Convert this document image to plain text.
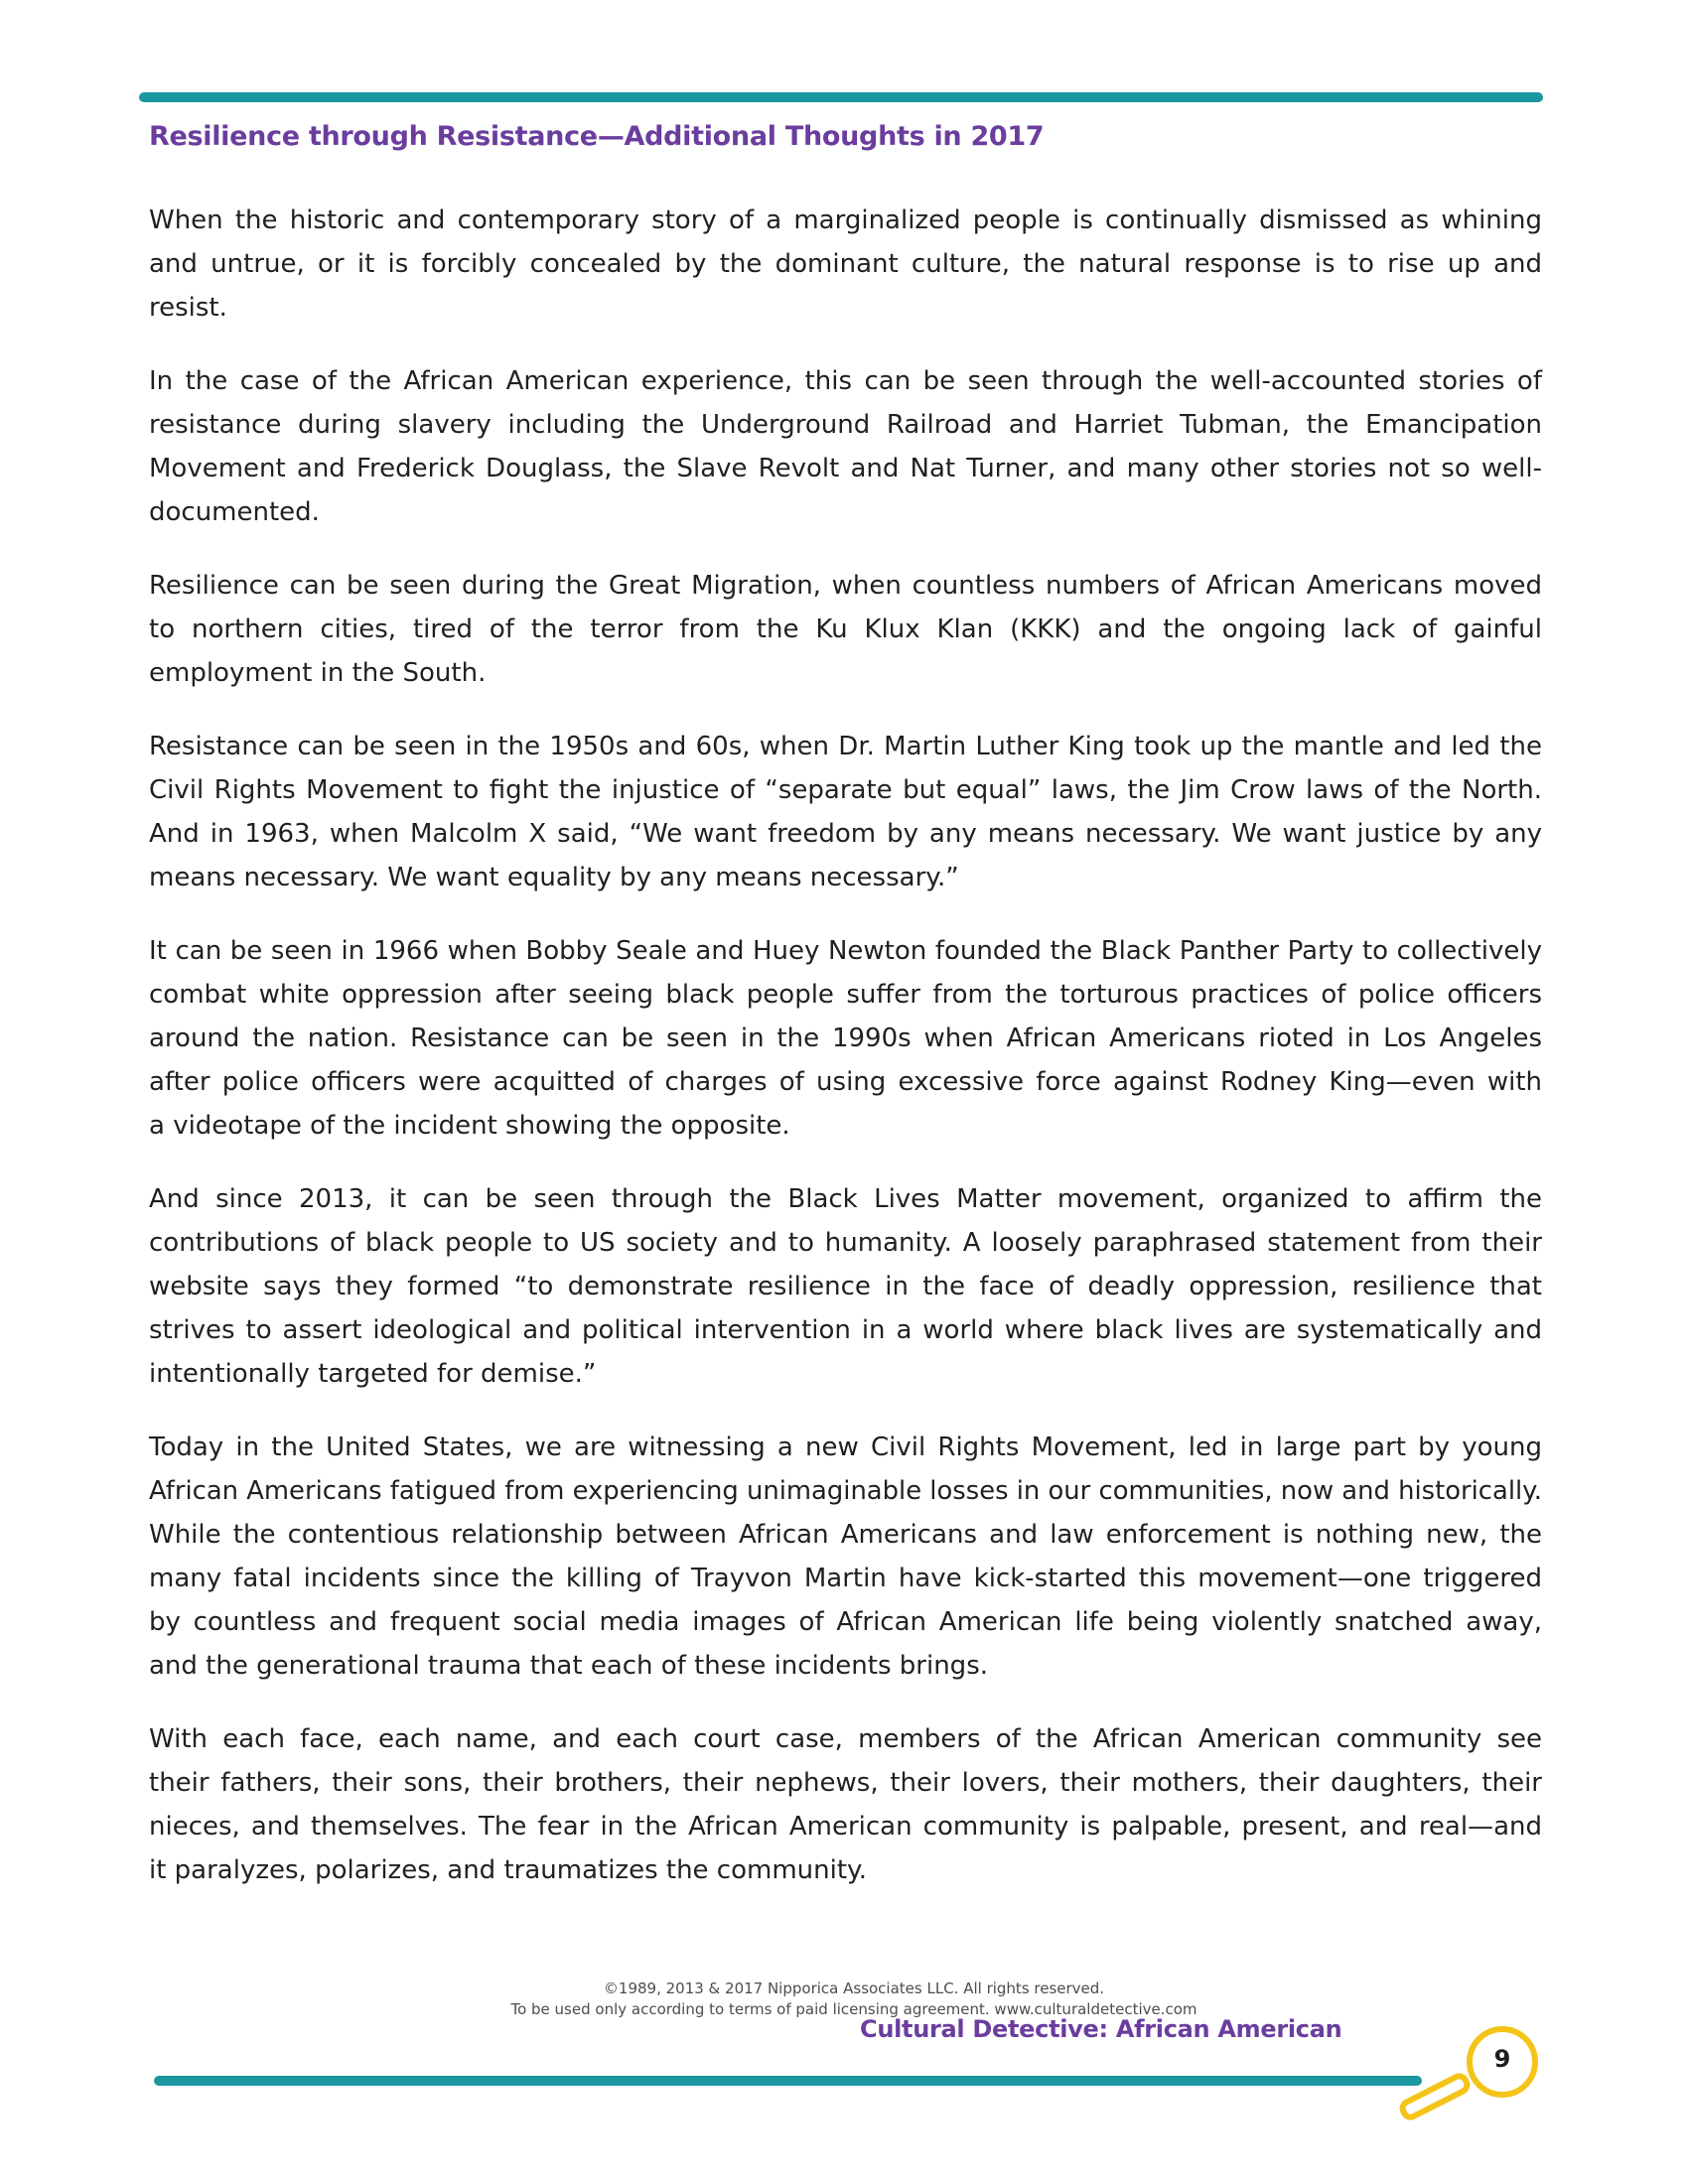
Resilience through Resistance—Additional Thoughts in 2017
When the historic and contemporary story of a marginalized people is continually dismissed as whining
and untrue, or it is forcibly concealed by the dominant culture, the natural response is to rise up and
resist.
In the case of the African American experience, this can be seen through the well-accounted stories of
resistance during slavery including the Underground Railroad and Harriet Tubman, the Emancipation
Movement and Frederick Douglass, the Slave Revolt and Nat Turner, and many other stories not so well-
documented.
Resilience can be seen during the Great Migration, when countless numbers of African Americans moved
to northern cities, tired of the terror from the Ku Klux Klan (KKK) and the ongoing lack of gainful
employment in the South.
Resistance can be seen in the 1950s and 60s, when Dr. Martin Luther King took up the mantle and led the
Civil Rights Movement to fight the injustice of “separate but equal” laws, the Jim Crow laws of the North.
And in 1963, when Malcolm X said, “We want freedom by any means necessary. We want justice by any
means necessary. We want equality by any means necessary.”
It can be seen in 1966 when Bobby Seale and Huey Newton founded the Black Panther Party to collectively
combat white oppression after seeing black people suffer from the torturous practices of police officers
around the nation. Resistance can be seen in the 1990s when African Americans rioted in Los Angeles
after police officers were acquitted of charges of using excessive force against Rodney King—even with
a videotape of the incident showing the opposite.
And since 2013, it can be seen through the Black Lives Matter movement, organized to affirm the
contributions of black people to US society and to humanity. A loosely paraphrased statement from their
website says they formed “to demonstrate resilience in the face of deadly oppression, resilience that
strives to assert ideological and political intervention in a world where black lives are systematically and
intentionally targeted for demise.”
Today in the United States, we are witnessing a new Civil Rights Movement, led in large part by young
African Americans fatigued from experiencing unimaginable losses in our communities, now and historically.
While the contentious relationship between African Americans and law enforcement is nothing new, the
many fatal incidents since the killing of Trayvon Martin have kick-started this movement—one triggered
by countless and frequent social media images of African American life being violently snatched away,
and the generational trauma that each of these incidents brings.
With each face, each name, and each court case, members of the African American community see
their fathers, their sons, their brothers, their nephews, their lovers, their mothers, their daughters, their
nieces, and themselves. The fear in the African American community is palpable, present, and real—and
it paralyzes, polarizes, and traumatizes the community.
©1989, 2013 & 2017 Nipporica Associates LLC. All rights reserved.
To be used only according to terms of paid licensing agreement. www.culturaldetective.com
Cultural Detective: African American
9
